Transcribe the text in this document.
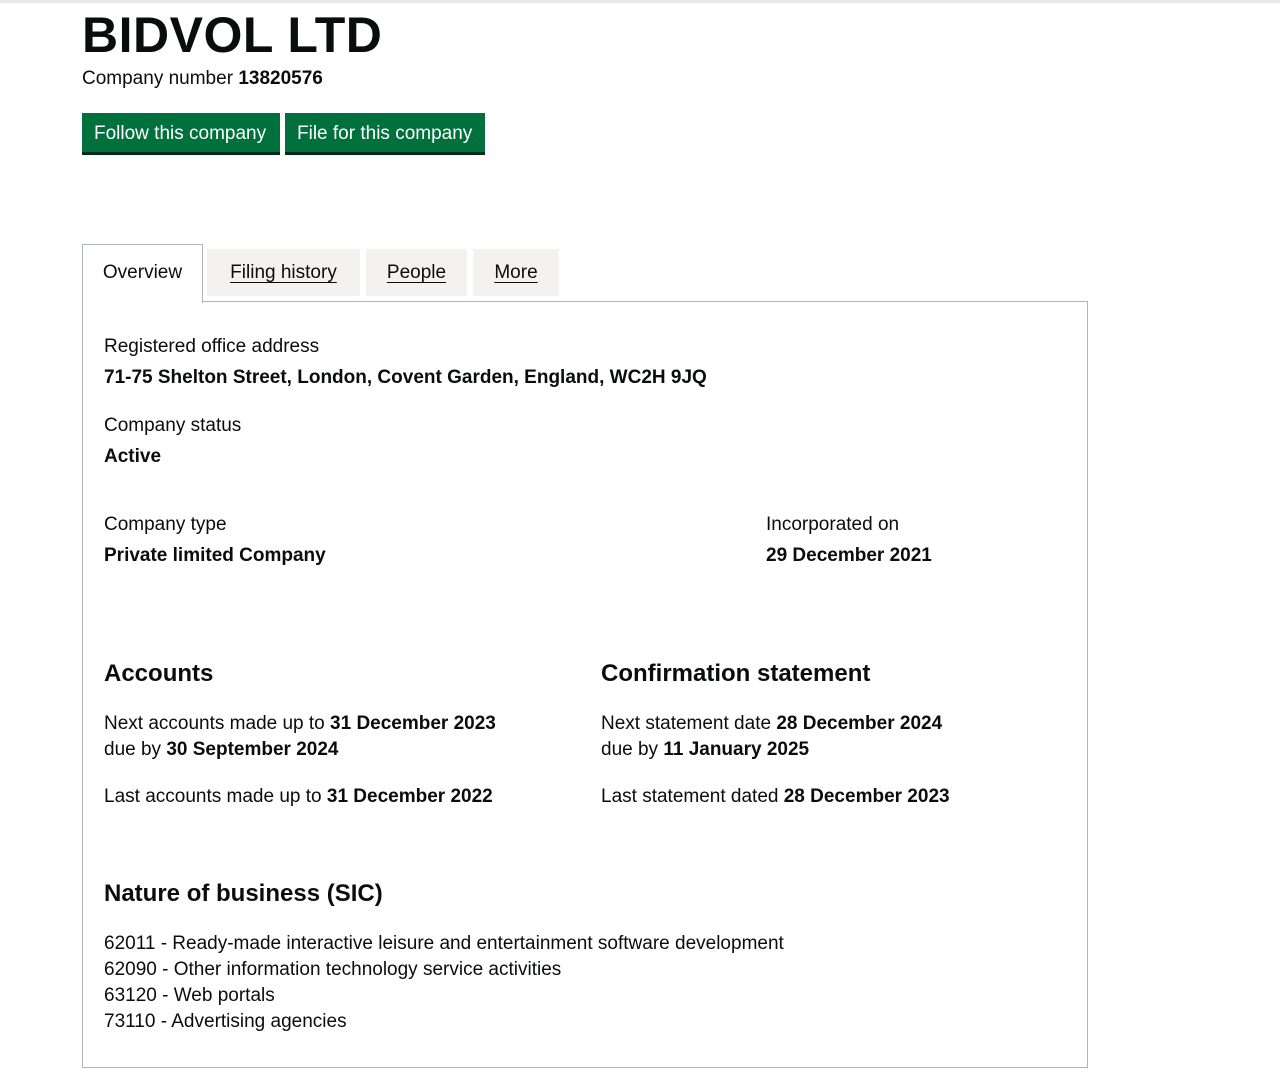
BIDVOL LTD
Company number 13820576
Follow this company	File for this company
Overview	Filing history	People	More
Registered office address
71-75 Shelton Street, London, Covent Garden, England, WC2H 9JQ
Company status
Active
Company type
Private limited Company
Incorporated on
29 December 2021
Accounts
Next accounts made up to 31 December 2023
due by 30 September 2024
Last accounts made up to 31 December 2022
Confirmation statement
Next statement date 28 December 2024
due by 11 January 2025
Last statement dated 28 December 2023
Nature of business (SIC)
62011 - Ready-made interactive leisure and entertainment software development
62090 - Other information technology service activities
63120 - Web portals
73110 - Advertising agencies
